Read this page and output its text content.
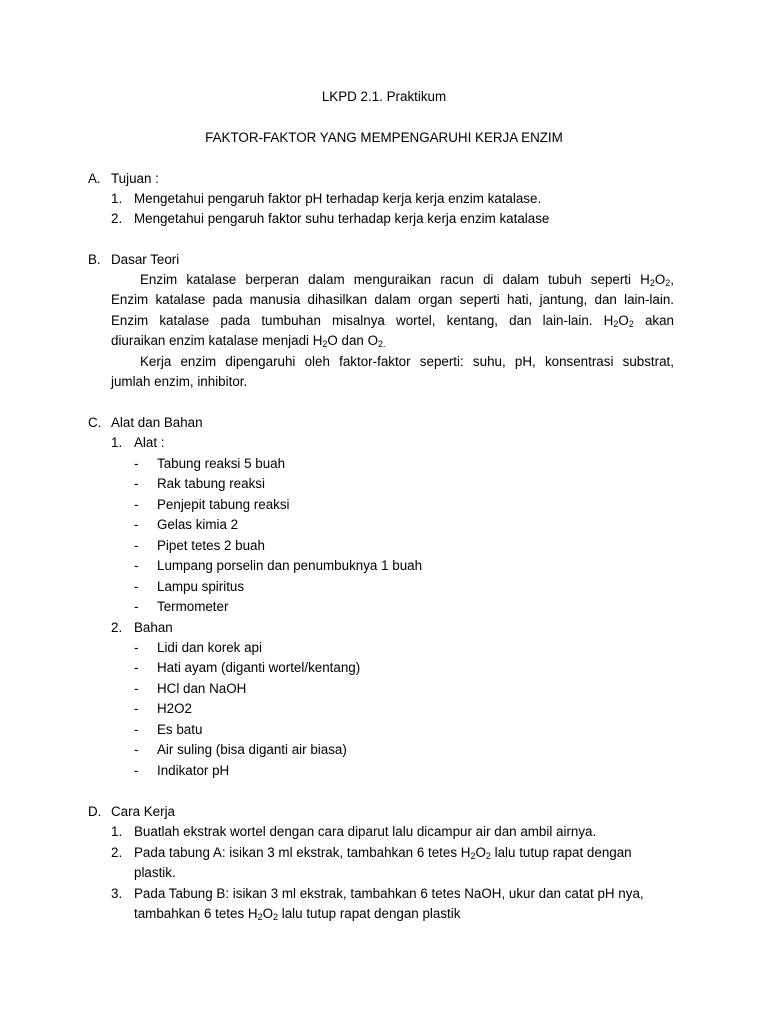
LKPD 2.1. Praktikum
FAKTOR-FAKTOR YANG MEMPENGARUHI KERJA ENZIM
A. Tujuan :
1. Mengetahui pengaruh faktor pH terhadap kerja kerja enzim katalase.
2. Mengetahui pengaruh faktor suhu terhadap kerja kerja enzim katalase
B. Dasar Teori
Enzim katalase berperan dalam menguraikan racun di dalam tubuh seperti $H_2O_2$,
Enzim katalase pada manusia dihasilkan dalam organ seperti hati, jantung, dan lain-lain.
Enzim katalase pada tumbuhan misalnya wortel, kentang, dan lain-lain. $H_2O_2$ akan
diuraikan enzim katalase menjadi $H_2O$ dan $O_{2.}$
Kerja enzim dipengaruhi oleh faktor-faktor seperti: suhu, pH, konsentrasi substrat,
jumlah enzim, inhibitor.
C. Alat dan Bahan
1. Alat :
- Tabung reaksi 5 buah
- Rak tabung reaksi
- Penjepit tabung reaksi
- Gelas kimia 2
- Pipet tetes 2 buah
- Lumpang porselin dan penumbuknya 1 buah
- Lampu spiritus
- Termometer
2. Bahan
- Lidi dan korek api
- Hati ayam (diganti wortel/kentang)
- HCl dan NaOH
- H2O2
- Es batu
- Air suling (bisa diganti air biasa)
- Indikator pH
D. Cara Kerja
1. Buatlah ekstrak wortel dengan cara diparut lalu dicampur air dan ambil airnya.
2. Pada tabung A: isikan 3 ml ekstrak, tambahkan 6 tetes $H_2O_2$ lalu tutup rapat dengan
plastik.
3. Pada Tabung B: isikan 3 ml ekstrak, tambahkan 6 tetes NaOH, ukur dan catat pH nya,
tambahkan 6 tetes $H_2O_2$ lalu tutup rapat dengan plastik
